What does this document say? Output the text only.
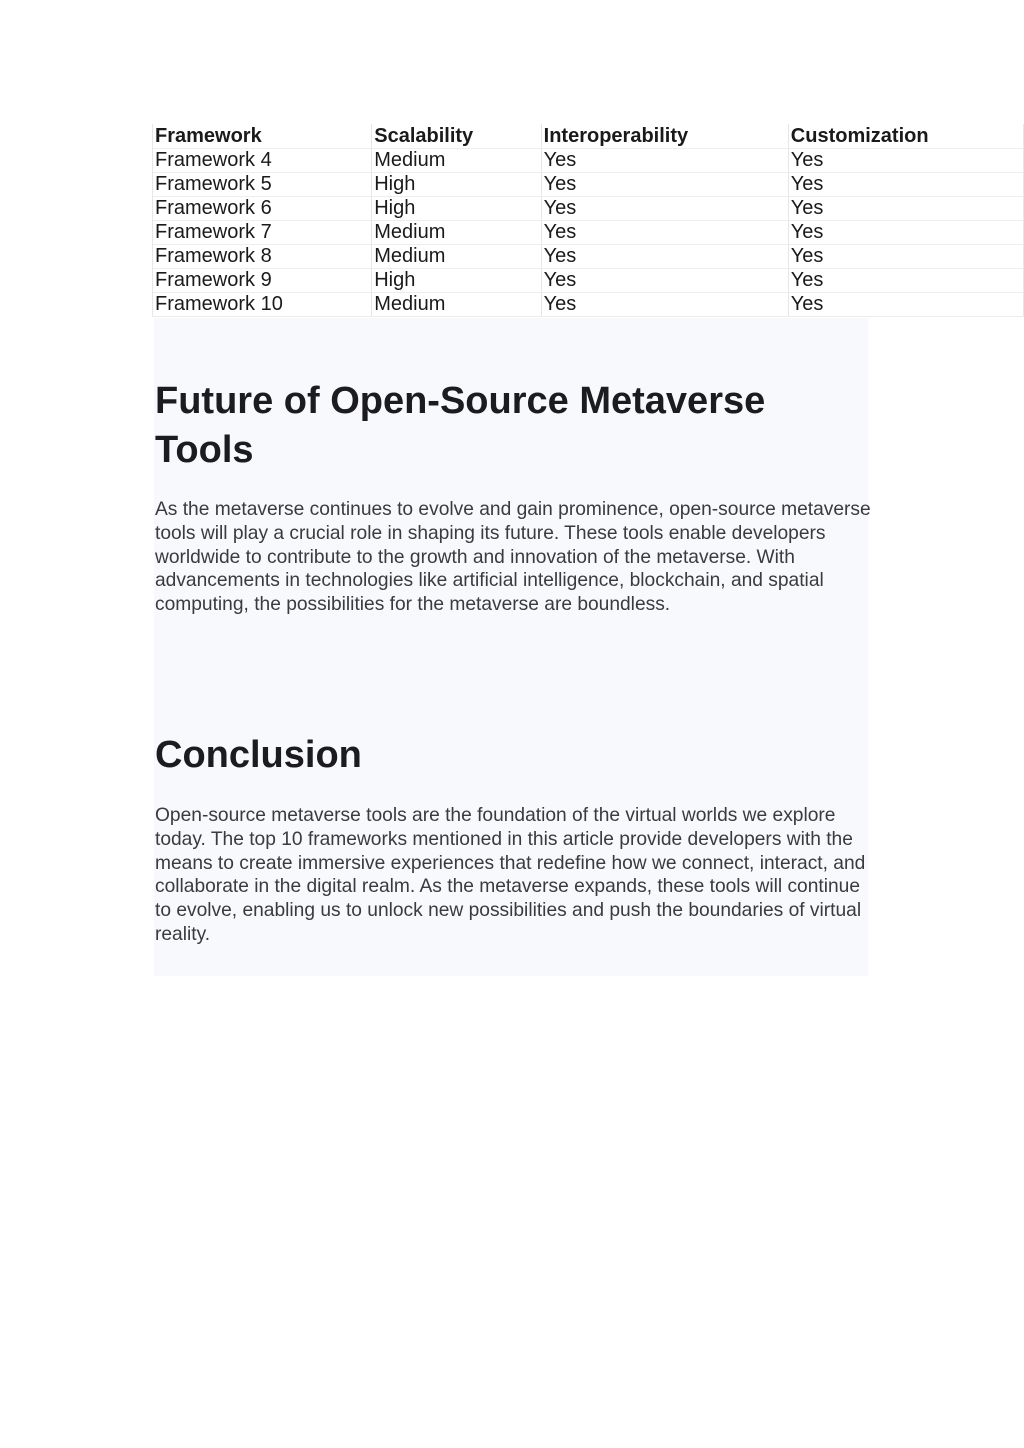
Framework	Scalability	Interoperability	Customization
Framework 4	Medium	Yes	Yes
Framework 5	High	Yes	Yes
Framework 6	High	Yes	Yes
Framework 7	Medium	Yes	Yes
Framework 8	Medium	Yes	Yes
Framework 9	High	Yes	Yes
Framework 10	Medium	Yes	Yes
Future of Open-Source Metaverse Tools

As the metaverse continues to evolve and gain prominence, open-source metaverse tools will play a crucial role in shaping its future. These tools enable developers worldwide to contribute to the growth and innovation of the metaverse. With advancements in technologies like artificial intelligence, blockchain, and spatial computing, the possibilities for the metaverse are boundless.

Conclusion

Open-source metaverse tools are the foundation of the virtual worlds we explore today. The top 10 frameworks mentioned in this article provide developers with the means to create immersive experiences that redefine how we connect, interact, and collaborate in the digital realm. As the metaverse expands, these tools will continue to evolve, enabling us to unlock new possibilities and push the boundaries of virtual reality.
